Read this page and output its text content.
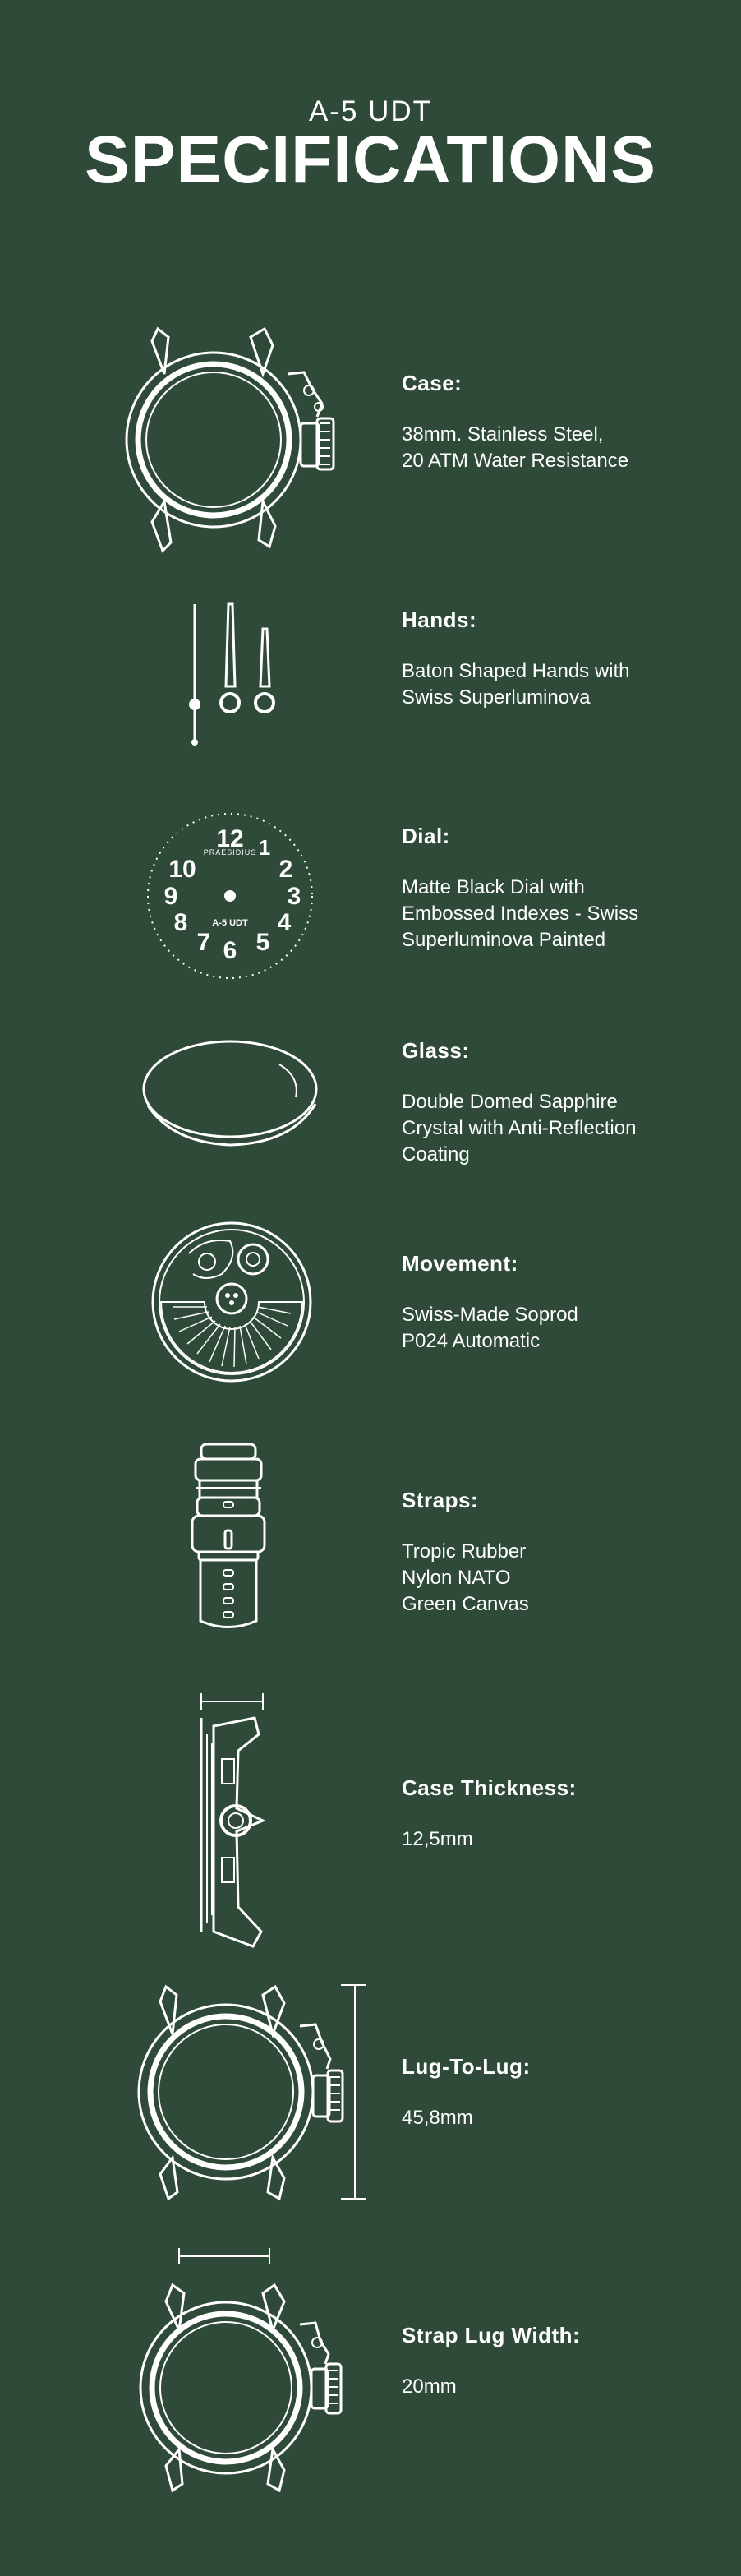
A-5 UDT
SPECIFICATIONS
Case:
38mm. Stainless Steel,
20 ATM Water Resistance
Hands:
Baton Shaped Hands with
Swiss Superluminova
PRAESIDIUS
A-5 UDT
12 1
2
3
4
5
6
7
8
9
10
Dial:
Matte Black Dial with
Embossed Indexes - Swiss
Superluminova Painted
Glass:
Double Domed Sapphire
Crystal with Anti-Reflection
Coating
Movement:
Swiss-Made Soprod
P024 Automatic
Straps:
Tropic Rubber
Nylon NATO
Green Canvas
Case Thickness:
12,5mm
Lug-To-Lug:
45,8mm
Strap Lug Width:
20mm
